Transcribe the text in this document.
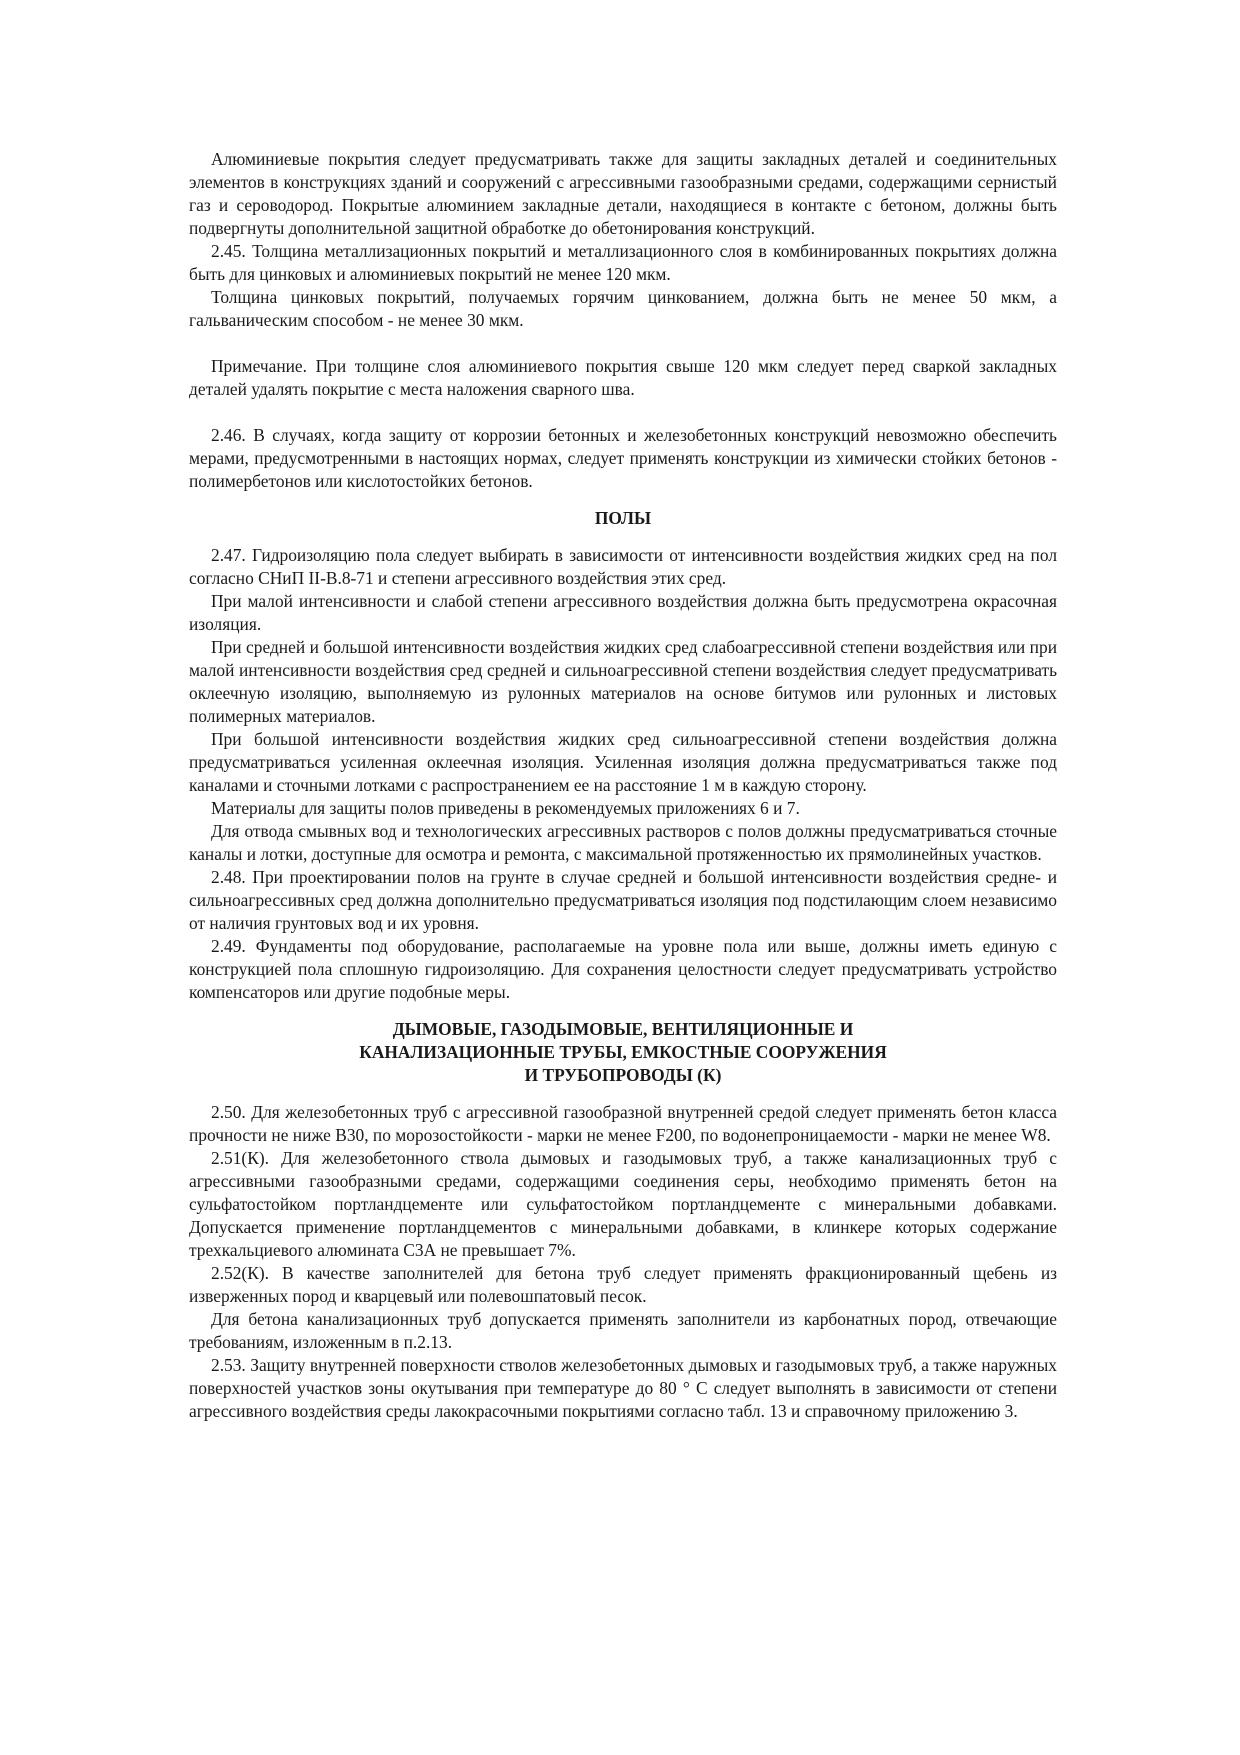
Алюминиевые покрытия следует предусматривать также для защиты закладных деталей и соединительных элементов в конструкциях зданий и сооружений с агрессивными газообразными средами, содержащими сернистый газ и сероводород. Покрытые алюминием закладные детали, находящиеся в контакте с бетоном, должны быть подвергнуты дополнительной защитной обработке до обетонирования конструкций.

2.45. Толщина металлизационных покрытий и металлизационного слоя в комбинированных покрытиях должна быть для цинковых и алюминиевых покрытий не менее 120 мкм.

Толщина цинковых покрытий, получаемых горячим цинкованием, должна быть не менее 50 мкм, а гальваническим способом - не менее 30 мкм.

Примечание. При толщине слоя алюминиевого покрытия свыше 120 мкм следует перед сваркой закладных деталей удалять покрытие с места наложения сварного шва.

2.46. В случаях, когда защиту от коррозии бетонных и железобетонных конструкций невозможно обеспечить мерами, предусмотренными в настоящих нормах, следует применять конструкции из химически стойких бетонов - полимербетонов или кислотостойких бетонов.

ПОЛЫ

2.47. Гидроизоляцию пола следует выбирать в зависимости от интенсивности воздействия жидких сред на пол согласно СНиП II-В.8-71 и степени агрессивного воздействия этих сред.

При малой интенсивности и слабой степени агрессивного воздействия должна быть предусмотрена окрасочная изоляция.

При средней и большой интенсивности воздействия жидких сред слабоагрессивной степени воздействия или при малой интенсивности воздействия сред средней и сильноагрессивной степени воздействия следует предусматривать оклеечную изоляцию, выполняемую из рулонных материалов на основе битумов или рулонных и листовых полимерных материалов.

При большой интенсивности воздействия жидких сред сильноагрессивной степени воздействия должна предусматриваться усиленная оклеечная изоляция. Усиленная изоляция должна предусматриваться также под каналами и сточными лотками с распространением ее на расстояние 1 м в каждую сторону.

Материалы для защиты полов приведены в рекомендуемых приложениях 6 и 7.

Для отвода смывных вод и технологических агрессивных растворов с полов должны предусматриваться сточные каналы и лотки, доступные для осмотра и ремонта, с максимальной протяженностью их прямолинейных участков.

2.48. При проектировании полов на грунте в случае средней и большой интенсивности воздействия средне- и сильноагрессивных сред должна дополнительно предусматриваться изоляция под подстилающим слоем независимо от наличия грунтовых вод и их уровня.

2.49. Фундаменты под оборудование, располагаемые на уровне пола или выше, должны иметь единую с конструкцией пола сплошную гидроизоляцию. Для сохранения целостности следует предусматривать устройство компенсаторов или другие подобные меры.

ДЫМОВЫЕ, ГАЗОДЫМОВЫЕ, ВЕНТИЛЯЦИОННЫЕ И
КАНАЛИЗАЦИОННЫЕ ТРУБЫ, ЕМКОСТНЫЕ СООРУЖЕНИЯ
И ТРУБОПРОВОДЫ (К)

2.50. Для железобетонных труб с агрессивной газообразной внутренней средой следует применять бетон класса прочности не ниже В30, по морозостойкости - марки не менее F200, по водонепроницаемости - марки не менее W8.

2.51(К). Для железобетонного ствола дымовых и газодымовых труб, а также канализационных труб с агрессивными газообразными средами, содержащими соединения серы, необходимо применять бетон на сульфатостойком портландцементе или сульфатостойком портландцементе с минеральными добавками. Допускается применение портландцементов с минеральными добавками, в клинкере которых содержание трехкальциевого алюмината С3А не превышает 7%.

2.52(К). В качестве заполнителей для бетона труб следует применять фракционированный щебень из изверженных пород и кварцевый или полевошпатовый песок.

Для бетона канализационных труб допускается применять заполнители из карбонатных пород, отвечающие требованиям, изложенным в п.2.13.

2.53. Защиту внутренней поверхности стволов железобетонных дымовых и газодымовых труб, а также наружных поверхностей участков зоны окутывания при температуре до 80 ° С следует выполнять в зависимости от степени агрессивного воздействия среды лакокрасочными покрытиями согласно табл. 13 и справочному приложению 3.
